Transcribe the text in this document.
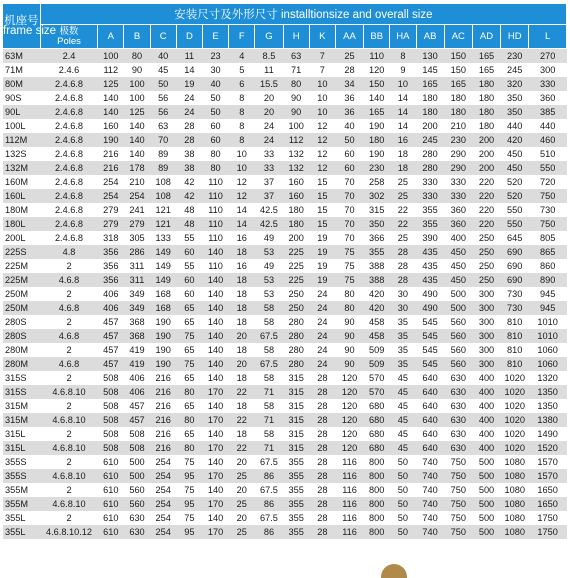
机座号
frame size	安装尺寸及外形尺寸 installtionsize and overall size																	
	极数
Poles	A	B	C	D	E	F	G	H	K	AA	BB	HA	AB	AC	AD	HD	L
63M	2.4	100	80	40	11	23	4	8.5	63	7	25	110	8	130	150	165	230	270
71M	2.4.6	112	90	45	14	30	5	11	71	7	28	120	9	145	150	165	245	300
80M	2.4.6.8	125	100	50	19	40	6	15.5	80	10	34	150	10	165	165	180	320	330
90S	2.4.6.8	140	100	56	24	50	8	20	90	10	36	140	14	180	180	180	350	360
90L	2.4.6.8	140	125	56	24	50	8	20	90	10	36	165	14	180	180	180	350	385
100L	2.4.6.8	160	140	63	28	60	8	24	100	12	40	190	14	200	210	180	440	440
112M	2.4.6.8	190	140	70	28	60	8	24	112	12	50	180	16	245	230	200	420	460
132S	2.4.6.8	216	140	89	38	80	10	33	132	12	60	190	18	280	290	200	450	510
132M	2.4.6.8	216	178	89	38	80	10	33	132	12	60	230	18	280	290	200	450	550
160M	2.4.6.8	254	210	108	42	110	12	37	160	15	70	258	25	330	330	220	520	720
160L	2.4.6.8	254	254	108	42	110	12	37	160	15	70	302	25	330	330	220	520	750
180M	2.4.6.8	279	241	121	48	110	14	42.5	180	15	70	315	22	355	360	220	550	730
180L	2.4.6.8	279	279	121	48	110	14	42.5	180	15	70	350	22	355	360	220	550	750
200L	2.4.6.8	318	305	133	55	110	16	49	200	19	70	366	25	390	400	250	645	805
225S	4.8	356	286	149	60	140	18	53	225	19	75	355	28	435	450	250	690	865
225M	2	356	311	149	55	110	16	49	225	19	75	388	28	435	450	250	690	860
225M	4.6.8	356	311	149	60	140	18	53	225	19	75	388	28	435	450	250	690	890
250M	2	406	349	168	60	140	18	53	250	24	80	420	30	490	500	300	730	945
250M	4.6.8	406	349	168	65	140	18	58	250	24	80	420	30	490	500	300	730	945
280S	2	457	368	190	65	140	18	58	280	24	90	458	35	545	560	300	810	1010
280S	4.6.8	457	368	190	75	140	20	67.5	280	24	90	458	35	545	560	300	810	1010
280M	2	457	419	190	65	140	18	58	280	24	90	509	35	545	560	300	810	1060
280M	4.6.8	457	419	190	75	140	20	67.5	280	24	90	509	35	545	560	300	810	1060
315S	2	508	406	216	65	140	18	58	315	28	120	570	45	640	630	400	1020	1320
315S	4.6.8.10	508	406	216	80	170	22	71	315	28	120	570	45	640	630	400	1020	1350
315M	2	508	457	216	65	140	18	58	315	28	120	680	45	640	630	400	1020	1350
315M	4.6.8.10	508	457	216	80	170	22	71	315	28	120	680	45	640	630	400	1020	1380
315L	2	508	508	216	65	140	18	58	315	28	120	680	45	640	630	400	1020	1490
315L	4.6.8.10	508	508	216	80	170	22	71	315	28	120	680	45	640	630	400	1020	1520
355S	2	610	500	254	75	140	20	67.5	355	28	116	800	50	740	750	500	1080	1570
355S	4.6.8.10	610	500	254	95	170	25	86	355	28	116	800	50	740	750	500	1080	1570
355M	2	610	560	254	75	140	20	67.5	355	28	116	800	50	740	750	500	1080	1650
355M	4.6.8.10	610	560	254	95	170	25	86	355	28	116	800	50	740	750	500	1080	1650
355L	2	610	630	254	75	140	20	67.5	355	28	116	800	50	740	750	500	1080	1750
355L	4.6.8.10.12	610	630	254	95	170	25	86	355	28	116	800	50	740	750	500	1080	1750
